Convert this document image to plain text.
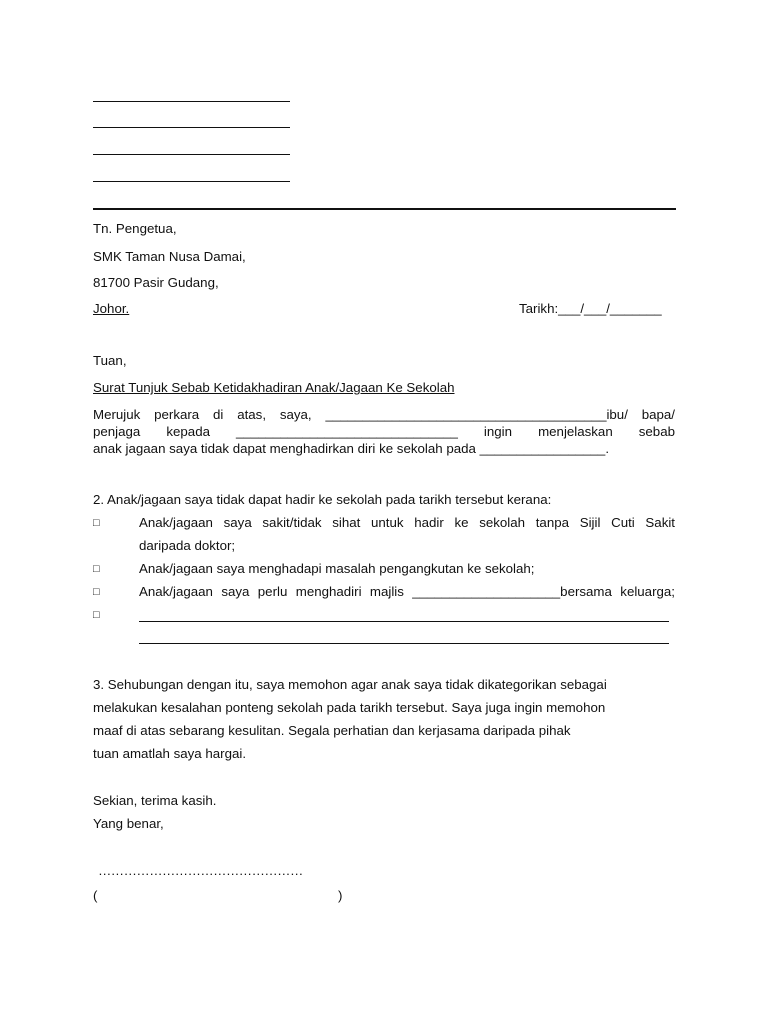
Tn. Pengetua,
SMK Taman Nusa Damai,
81700 Pasir Gudang,
Johor.	Tarikh:___/___/_______
Tuan,
Surat Tunjuk Sebab Ketidakhadiran Anak/Jagaan Ke Sekolah
Merujuk perkara di atas, saya, ______________________________________ibu/ bapa/
penjaga kepada ______________________________ ingin menjelaskan sebab
anak jagaan saya tidak dapat menghadirkan diri ke sekolah pada _________________.
2. Anak/jagaan saya tidak dapat hadir ke sekolah pada tarikh tersebut kerana:
□	Anak/jagaan saya sakit/tidak sihat untuk hadir ke sekolah tanpa Sijil Cuti Sakit
daripada doktor;
□	Anak/jagaan saya menghadapi masalah pengangkutan ke sekolah;
□	Anak/jagaan saya perlu menghadiri majlis ____________________bersama keluarga;
□
3. Sehubungan dengan itu, saya memohon agar anak saya tidak dikategorikan sebagai
melakukan kesalahan ponteng sekolah pada tarikh tersebut. Saya juga ingin memohon
maaf di atas sebarang kesulitan. Segala perhatian dan kerjasama daripada pihak
tuan amatlah saya hargai.
Sekian, terima kasih.
Yang benar,
…………………………………………
(	)
